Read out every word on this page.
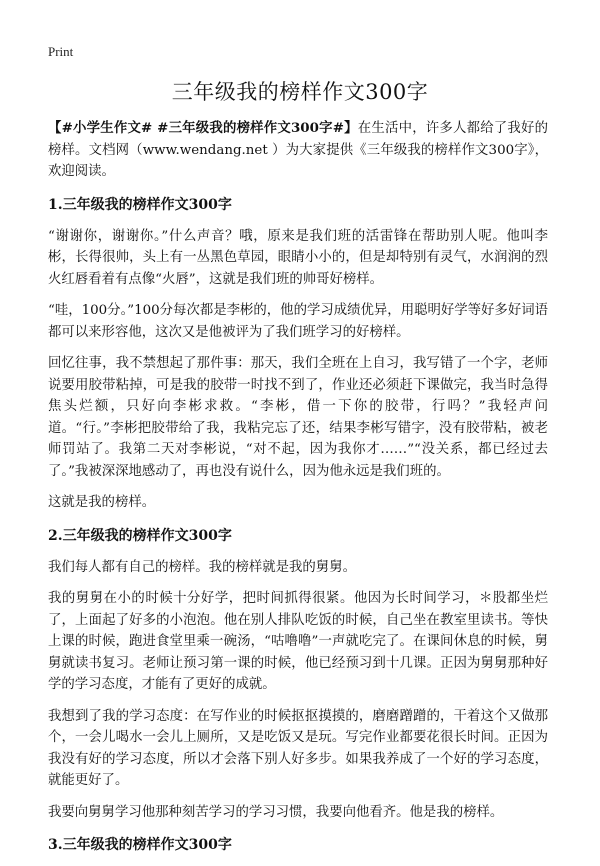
Print
三年级我的榜样作文300字

【#小学生作文# #三年级我的榜样作文300字#】在生活中，许多人都给了我好的榜样。文档网（www.wendang.net ）为大家提供《三年级我的榜样作文300字》，欢迎阅读。

1.三年级我的榜样作文300字

“谢谢你，谢谢你。”什么声音？哦，原来是我们班的活雷锋在帮助别人呢。他叫李彬，长得很帅，头上有一丛黑色草园，眼睛小小的，但是却特别有灵气，水润润的烈火红唇看着有点像“火唇”，这就是我们班的帅哥好榜样。

“哇，100分。”100分每次都是李彬的，他的学习成绩优异，用聪明好学等好多好词语都可以来形容他，这次又是他被评为了我们班学习的好榜样。

回忆往事，我不禁想起了那件事：那天，我们全班在上自习，我写错了一个字，老师说要用胶带粘掉，可是我的胶带一时找不到了，作业还必须赶下课做完，我当时急得焦头烂额，只好向李彬求救。“李彬，借一下你的胶带，行吗？”我轻声问道。“行。”李彬把胶带给了我，我粘完忘了还，结果李彬写错字，没有胶带粘，被老师罚站了。我第二天对李彬说，“对不起，因为我你才……”“没关系，都已经过去了。”我被深深地感动了，再也没有说什么，因为他永远是我们班的。

这就是我的榜样。

2.三年级我的榜样作文300字

我们每人都有自己的榜样。我的榜样就是我的舅舅。

我的舅舅在小的时候十分好学，把时间抓得很紧。他因为长时间学习，＊股都坐烂了，上面起了好多的小泡泡。他在别人排队吃饭的时候，自己坐在教室里读书。等快上课的时候，跑进食堂里乘一碗汤，“咕噜噜”一声就吃完了。在课间休息的时候，舅舅就读书复习。老师让预习第一课的时候，他已经预习到十几课。正因为舅舅那种好学的学习态度，才能有了更好的成就。

我想到了我的学习态度：在写作业的时候抠抠摸摸的，磨磨蹭蹭的，干着这个又做那个，一会儿喝水一会儿上厕所，又是吃饭又是玩。写完作业都要花很长时间。正因为我没有好的学习态度，所以才会落下别人好多步。如果我养成了一个好的学习态度，就能更好了。

我要向舅舅学习他那种刻苦学习的学习习惯，我要向他看齐。他是我的榜样。

3.三年级我的榜样作文300字
